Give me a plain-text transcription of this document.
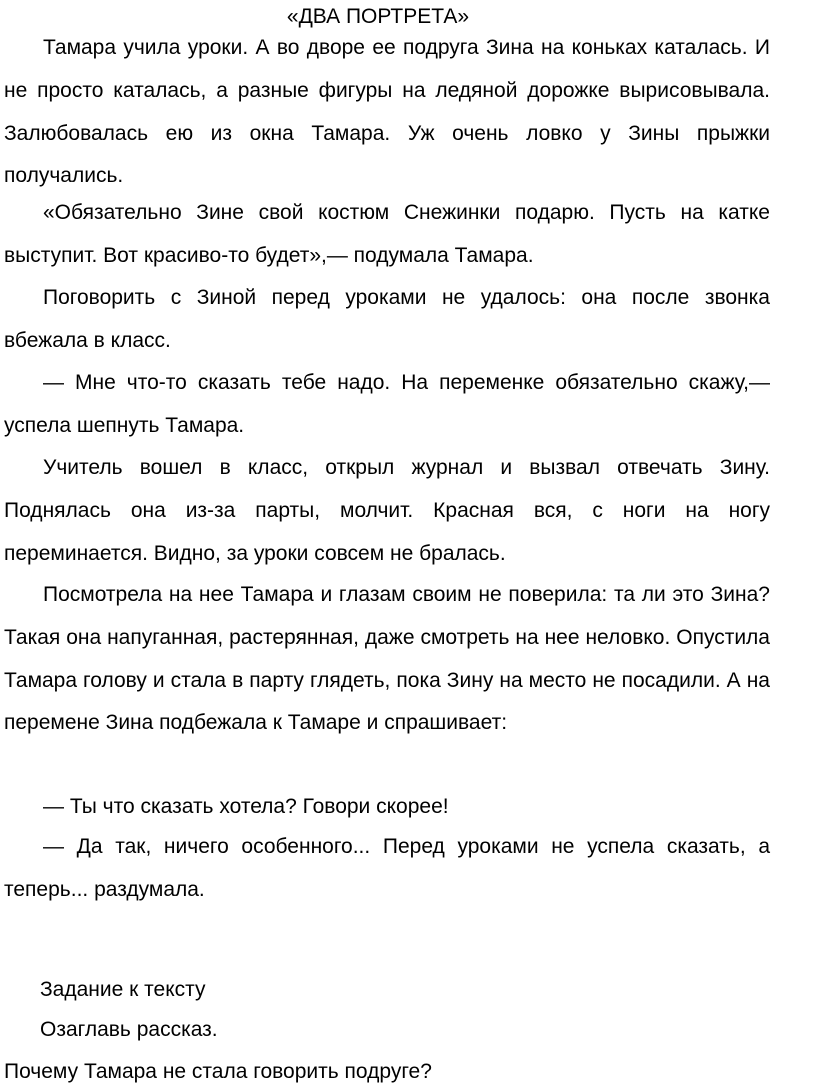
«ДВА ПОРТРЕТА»

Тамара учила уроки. А во дворе ее подруга Зина на коньках каталась. И не просто каталась, а разные фигуры на ледяной дорожке вырисовывала. Залюбовалась ею из окна Тамара. Уж очень ловко у Зины прыжки получались.

«Обязательно Зине свой костюм Снежинки подарю. Пусть на катке выступит. Вот красиво-то будет»,— подумала Тамара.

Поговорить с Зиной перед уроками не удалось: она после звонка вбежала в класс.

— Мне что-то сказать тебе надо. На переменке обязательно скажу,— успела шепнуть Тамара.

Учитель вошел в класс, открыл журнал и вызвал отвечать Зину. Поднялась она из-за парты, молчит. Красная вся, с ноги на ногу переминается. Видно, за уроки совсем не бралась.

Посмотрела на нее Тамара и глазам своим не поверила: та ли это Зина? Такая она напуганная, растерянная, даже смотреть на нее неловко. Опустила Тамара голову и стала в парту глядеть, пока Зину на место не посадили. А на перемене Зина подбежала к Тамаре и спрашивает:

— Ты что сказать хотела? Говори скорее!

— Да так, ничего особенного... Перед уроками не успела сказать, а теперь... раздумала.

Задание к тексту
Озаглавь рассказ.
Почему Тамара не стала говорить подруге?
